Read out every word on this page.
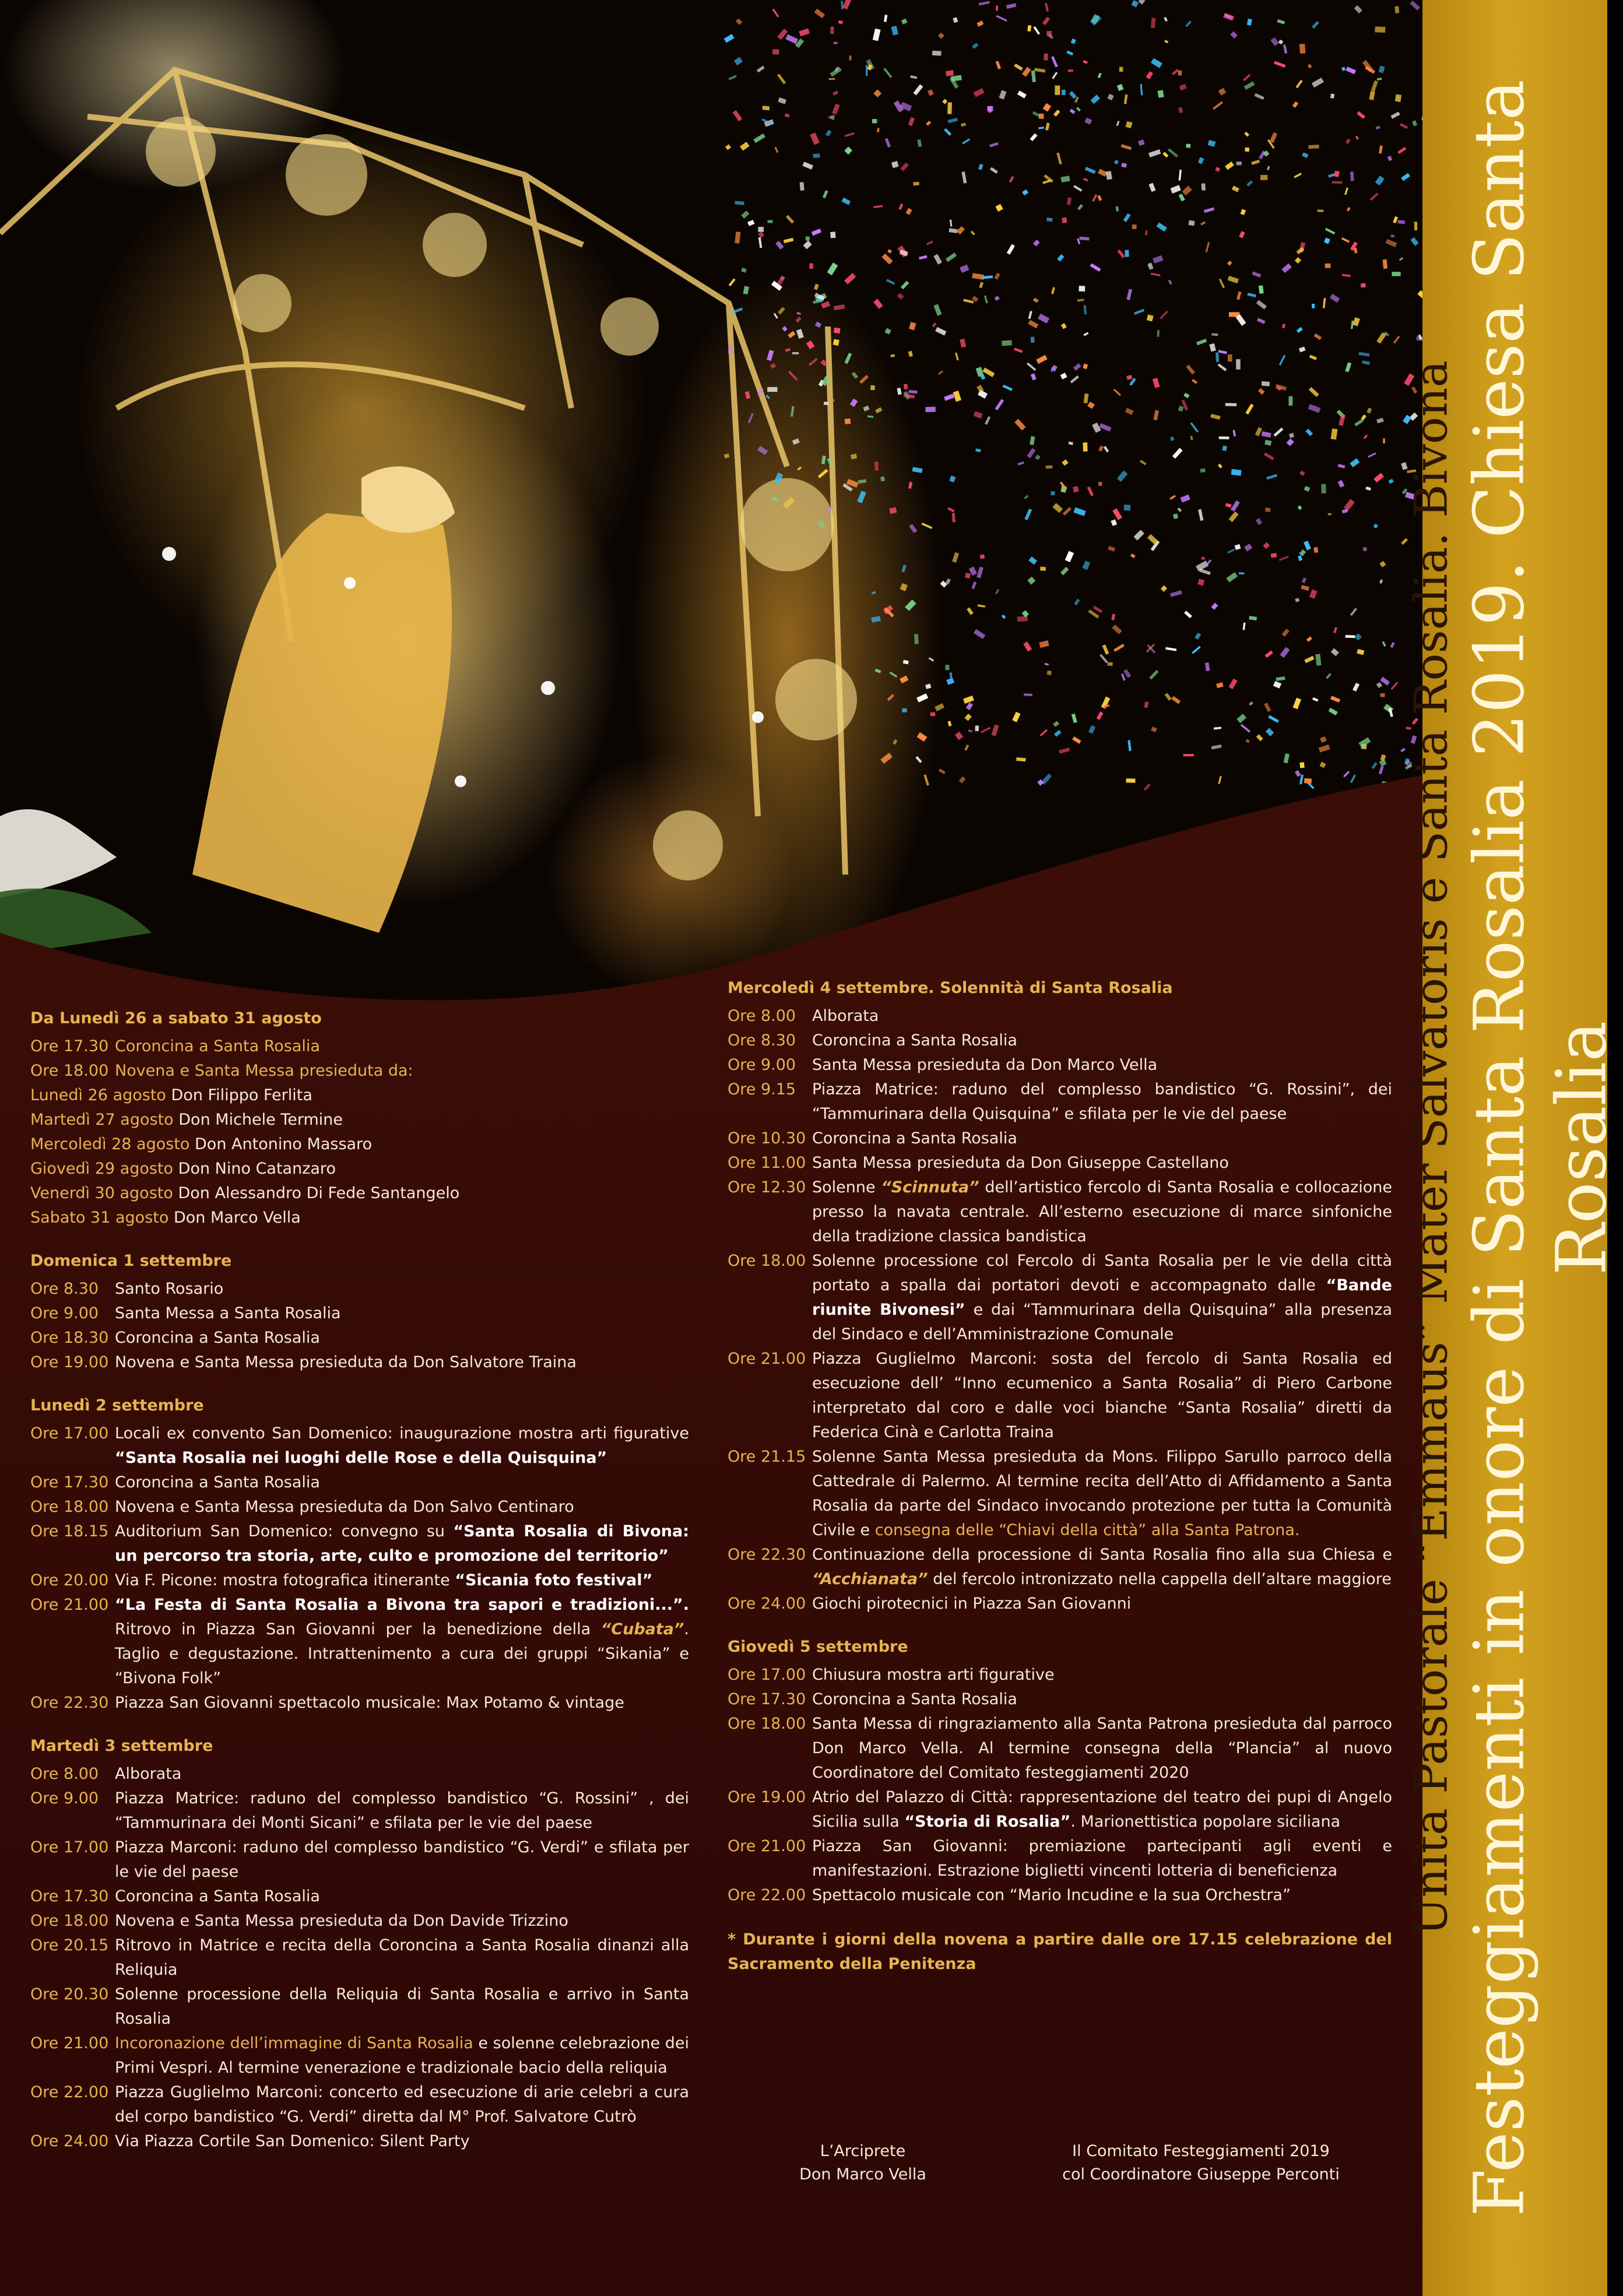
Unità Pastorale “Emmaus” Mater Salvatoris e Santa Rosalia. Bivona Festeggiamenti in onore di Santa Rosalia 2019. Chiesa Santa Rosalia
Da Lunedì 26 a sabato 31 agosto
Ore 17.30 Coroncina a Santa Rosalia
Ore 18.00 Novena e Santa Messa presieduta da:
Lunedì 26 agosto Don Filippo Ferlita
Martedì 27 agosto Don Michele Termine
Mercoledì 28 agosto Don Antonino Massaro
Giovedì 29 agosto Don Nino Catanzaro
Venerdì 30 agosto Don Alessandro Di Fede Santangelo
Sabato 31 agosto Don Marco Vella
Domenica 1 settembre
Ore 8.30	Santo Rosario
Ore 9.00	Santa Messa a Santa Rosalia
Ore 18.30 Coroncina a Santa Rosalia
Ore 19.00 Novena e Santa Messa presieduta da Don Salvatore Traina
Lunedì 2 settembre
Ore 17.00 Locali ex convento San Domenico: inaugurazione mostra arti figurative “Santa Rosalia nei luoghi delle Rose e della Quisquina”
Ore 17.30 Coroncina a Santa Rosalia
Ore 18.00 Novena e Santa Messa presieduta da Don Salvo Centinaro
Ore 18.15 Auditorium San Domenico: convegno su “Santa Rosalia di Bivona: un percorso tra storia, arte, culto e promozione del territorio”
Ore 20.00 Via F. Picone: mostra fotografica itinerante “Sicania foto festival”
Ore 21.00 “La Festa di Santa Rosalia a Bivona tra sapori e tradizioni...”. Ritrovo in Piazza San Giovanni per la benedizione della “Cubata”. Taglio e degustazione. Intrattenimento a cura dei gruppi “Sikania” e “Bivona Folk”
Ore 22.30 Piazza San Giovanni spettacolo musicale: Max Potamo & vintage
Martedì 3 settembre
Ore 8.00	Alborata
Ore 9.00	Piazza Matrice: raduno del complesso bandistico “G. Rossini” , dei “Tammurinara dei Monti Sicani” e sfilata per le vie del paese
Ore 17.00 Piazza Marconi: raduno del complesso bandistico “G. Verdi” e sfilata per le vie del paese
Ore 17.30 Coroncina a Santa Rosalia
Ore 18.00 Novena e Santa Messa presieduta da Don Davide Trizzino
Ore 20.15 Ritrovo in Matrice e recita della Coroncina a Santa Rosalia dinanzi alla Reliquia
Ore 20.30 Solenne processione della Reliquia di Santa Rosalia e arrivo in Santa Rosalia
Ore 21.00 Incoronazione dell’immagine di Santa Rosalia e solenne celebrazione dei Primi Vespri. Al termine venerazione e tradizionale bacio della reliquia
Ore 22.00 Piazza Guglielmo Marconi: concerto ed esecuzione di arie celebri a cura del corpo bandistico “G. Verdi” diretta dal M° Prof. Salvatore Cutrò
Ore 24.00 Via Piazza Cortile San Domenico: Silent Party
Mercoledì 4 settembre. Solennità di Santa Rosalia
Ore 8.00	Alborata
Ore 8.30	Coroncina a Santa Rosalia
Ore 9.00	Santa Messa presieduta da Don Marco Vella
Ore 9.15	Piazza Matrice: raduno del complesso bandistico “G. Rossini”, dei “Tammurinara della Quisquina” e sfilata per le vie del paese
Ore 10.30 Coroncina a Santa Rosalia
Ore 11.00 Santa Messa presieduta da Don Giuseppe Castellano
Ore 12.30 Solenne “Scinnuta” dell’artistico fercolo di Santa Rosalia e collocazione presso la navata centrale. All’esterno esecuzione di marce sinfoniche della tradizione classica bandistica
Ore 18.00 Solenne processione col Fercolo di Santa Rosalia per le vie della città portato a spalla dai portatori devoti e accompagnato dalle “Bande riunite Bivonesi” e dai “Tammurinara della Quisquina” alla presenza del Sindaco e dell’Amministrazione Comunale
Ore 21.00 Piazza Guglielmo Marconi: sosta del fercolo di Santa Rosalia ed esecuzione dell’ “Inno ecumenico a Santa Rosalia” di Piero Carbone interpretato dal coro e dalle voci bianche “Santa Rosalia” diretti da Federica Cinà e Carlotta Traina
Ore 21.15 Solenne Santa Messa presieduta da Mons. Filippo Sarullo parroco della Cattedrale di Palermo. Al termine recita dell’Atto di Affidamento a Santa Rosalia da parte del Sindaco invocando protezione per tutta la Comunità Civile e consegna delle “Chiavi della città” alla Santa Patrona.
Ore 22.30 Continuazione della processione di Santa Rosalia fino alla sua Chiesa e “Acchianata” del fercolo intronizzato nella cappella dell’altare maggiore
Ore 24.00 Giochi pirotecnici in Piazza San Giovanni
Giovedì 5 settembre
Ore 17.00 Chiusura mostra arti figurative
Ore 17.30 Coroncina a Santa Rosalia
Ore 18.00 Santa Messa di ringraziamento alla Santa Patrona presieduta dal parroco Don Marco Vella. Al termine consegna della “Plancia” al nuovo Coordinatore del Comitato festeggiamenti 2020
Ore 19.00 Atrio del Palazzo di Città: rappresentazione del teatro dei pupi di Angelo Sicilia sulla “Storia di Rosalia”. Marionettistica popolare siciliana
Ore 21.00 Piazza San Giovanni: premiazione partecipanti agli eventi e manifestazioni. Estrazione biglietti vincenti lotteria di beneficienza
Ore 22.00 Spettacolo musicale con “Mario Incudine e la sua Orchestra”
* Durante i giorni della novena a partire dalle ore 17.15 celebrazione del Sacramento della Penitenza
L’Arciprete
Don Marco Vella
Il Comitato Festeggiamenti 2019
col Coordinatore Giuseppe Perconti
